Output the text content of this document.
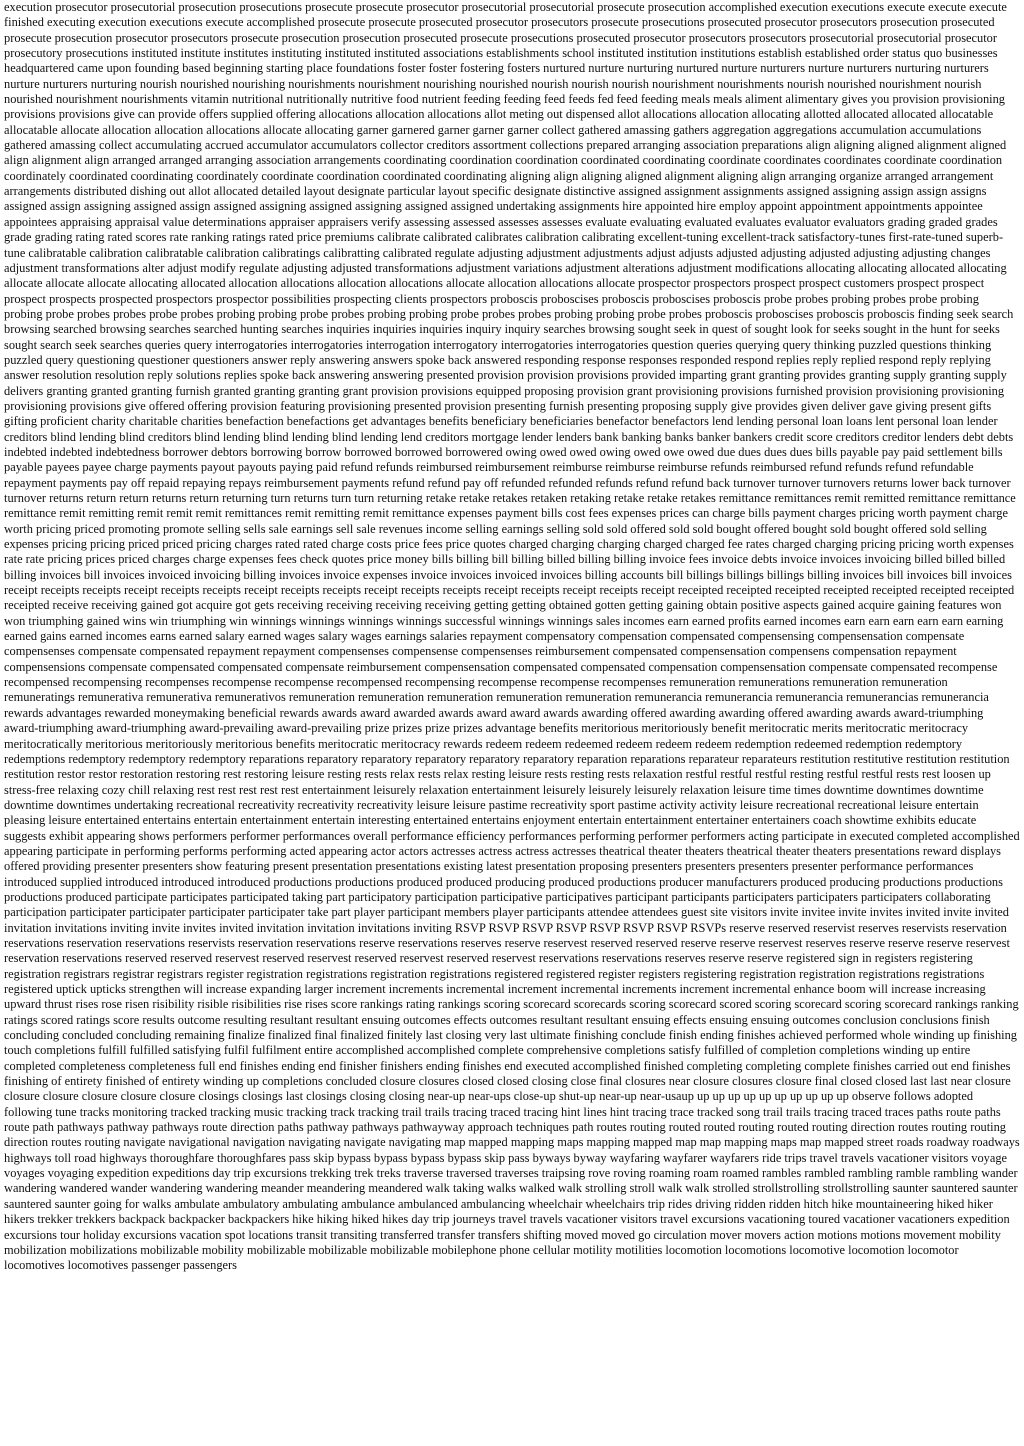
execution prosecutor prosecutorial prosecution prosecutions prosecute prosecute prosecutor prosecutorial prosecutorial prosecute prosecution accomplished execution executions execute execute execute finished executing execution executions execute accomplished prosecute prosecute prosecuted prosecutor prosecutors prosecute prosecutions prosecuted prosecutor prosecutors prosecution prosecuted prosecute prosecution prosecutor prosecutors prosecute prosecution prosecution prosecuted prosecute prosecutions prosecuted prosecutor prosecutors prosecutors prosecutorial prosecutorial prosecutor prosecutory prosecutions instituted institute institutes instituting instituted instituted associations establishments school instituted institution institutions establish established order status quo businesses headquartered came upon founding based beginning starting place foundations foster foster fostering fosters nurtured nurture nurturing nurtured nurture nurturers nurture nurturers nurturing nurturers nurture nurturers nurturing nourish nourished nourishing nourishments nourishment nourishing nourished nourish nourish nourish nourishment nourishments nourish nourished nourishment nourish nourished nourishment nourishments vitamin nutritional nutritionally nutritive food nutrient feeding feeding feed feeds fed feed feeding meals meals aliment alimentary gives you provision provisioning provisions provisions give can provide offers supplied offering allocations allocation allocations allot meting out dispensed allot allocations allocation allocating allotted allocated allocated allocatable allocatable allocate allocation allocation allocations allocate allocating garner garnered garner garner garner collect gathered amassing gathers aggregation aggregations accumulation accumulations gathered amassing collect accumulating accrued accumulator accumulators collector creditors assortment collections prepared arranging association preparations align aligning aligned alignment aligned align alignment align arranged arranged arranging association arrangements coordinating coordination coordination coordinated coordinating coordinate coordinates coordinates coordinate coordination coordinately coordinated coordinating coordinately coordinate coordination coordinated coordinating aligning align aligning aligned alignment aligning align arranging organize arranged arrangement arrangements distributed dishing out allot allocated detailed layout designate particular layout specific designate distinctive assigned assignment assignments assigned assigning assign assign assigns assigned assign assigning assigned assign assigned assigning assigned assigning assigned assigned undertaking assignments hire appointed hire employ appoint appointment appointments appointee appointees appraising appraisal value determinations appraiser appraisers verify assessing assessed assesses assesses evaluate evaluating evaluated evaluates evaluator evaluators grading graded grades grade grading rating rated scores rate ranking ratings rated price premiums calibrate calibrated calibrates calibration calibrating excellent-tuning excellent-track satisfactory-tunes first-rate-tuned superb-tune calibratable calibration calibratable calibration calibratings calibratting calibrated regulate adjusting adjustment adjustments adjust adjusts adjusted adjusting adjusted adjusting adjusting changes adjustment transformations alter adjust modify regulate adjusting adjusted transformations adjustment variations adjustment alterations adjustment modifications allocating allocating allocated allocating allocate allocate allocate allocating allocated allocation allocations allocation allocations allocate allocation allocations allocate prospector prospectors prospect prospect customers prospect prospect prospect prospects prospected prospectors prospector possibilities prospecting clients prospectors proboscis proboscises proboscis proboscises proboscis probe probes probing probes probe probing probing probe probes probes probe probes probing probing probe probes probing probing probe probes probes probing probing probe probes proboscis proboscises proboscis proboscis finding seek search browsing searched browsing searches searched hunting searches inquiries inquiries inquiries inquiry inquiry searches browsing sought seek in quest of sought look for seeks sought in the hunt for seeks sought search seek searches queries query interrogatories interrogatories interrogation interrogatory interrogatories interrogatories question queries querying query thinking puzzled questions thinking puzzled query questioning questioner questioners answer reply answering answers spoke back answered responding response responses responded respond replies reply replied respond reply replying answer resolution resolution reply solutions replies spoke back answering answering presented provision provision provisions provided imparting grant granting provides granting supply granting supply delivers granting granted granting furnish granted granting granting grant provision provisions equipped proposing provision grant provisioning provisions furnished provision provisioning provisioning provisioning provisions give offered offering provision featuring provisioning presented provision presenting furnish presenting proposing supply give provides given deliver gave giving present gifts gifting proficient charity charitable charities benefaction benefactions get advantages benefits beneficiary beneficiaries benefactor benefactors lend lending personal loan loans lent personal loan lender creditors blind lending blind creditors blind lending blind lending blind lending lend creditors mortgage lender lenders bank banking banks banker bankers credit score creditors creditor lenders debt debts indebted indebted indebtedness borrower debtors borrowing borrow borrowed borrowed borrowered owing owed owed owing owed owe owed due dues dues dues bills payable pay paid settlement bills payable payees payee charge payments payout payouts paying paid refund refunds reimbursed reimbursement reimburse reimburse reimburse refunds reimbursed refund refunds refund refundable repayment payments pay off repaid repaying repays reimbursement payments refund refund pay off refunded refunded refunds refund refund back turnover turnover turnovers returns lower back turnover turnover returns return return returns return returning turn returns turn turn returning retake retake retakes retaken retaking retake retake retakes remittance remittances remit remitted remittance remittance remittance remit remitting remit remit remit remittances remit remitting remit remittance expenses payment bills cost fees expenses prices can charge bills payment charges pricing worth payment charge worth pricing priced promoting promote selling sells sale earnings sell sale revenues income selling earnings selling sold sold offered sold sold bought offered bought sold bought offered sold selling expenses pricing pricing priced priced pricing charges rated rated charge costs price fees price quotes charged charging charging charged charged fee rates charged charging pricing pricing worth expenses rate rate pricing prices priced charges charge expenses fees check quotes price money bills billing bill billing billed billing billing invoice fees invoice debts invoice invoices invoicing billed billed billed billing invoices bill invoices invoiced invoicing billing invoices invoice expenses invoice invoices invoiced invoices billing accounts bill billings billings billings billing invoices bill invoices bill invoices receipt receipts receipts receipt receipts receipts receipt receipts receipts receipt receipts receipts receipt receipts receipt receipts receipt receipted receipted receipted receipted receipted receipted receipted receipted receive receiving gained got acquire got gets receiving receiving receiving receiving getting getting obtained gotten getting gaining obtain positive aspects gained acquire gaining features won won triumphing gained wins win triumphing win winnings winnings winnings winnings successful winnings winnings sales incomes earn earned profits earned incomes earn earn earn earn earn earning earned gains earned incomes earns earned salary earned wages salary wages earnings salaries repayment compensatory compensation compensated compensensing compensensation compensate compensenses compensate compensated repayment repayment compensenses compensense compensenses reimbursement compensated compensensation compensens compensation repayment compensensions compensate compensated compensated compensate reimbursement compensensation compensated compensated compensation compensensation compensate compensated recompense recompensed recompensing recompenses recompense recompense recompensed recompensing recompense recompense recompenses remuneration remunerations remuneration remuneration remuneratings remunerativa remunerativa remunerativos remuneration remuneration remuneration remuneration remuneration remunerancia remunerancia remunerancia remunerancias remunerancia rewards advantages rewarded moneymaking beneficial rewards awards award awarded awards award award awards awarding offered awarding awarding offered awarding awards award-triumphing award-triumphing award-triumphing award-prevailing award-prevailing prize prizes prize prizes advantage benefits meritorious meritoriously benefit meritocratic merits meritocratic meritocracy meritocratically meritorious meritoriously meritorious benefits meritocratic meritocracy rewards redeem redeem redeemed redeem redeem redeem redemption redeemed redemption redemptory redemptions redemptory redemptory redemptory reparations reparatory reparatory reparatory reparatory reparatory reparation reparations reparateur reparateurs restitution restitutive restitution restitution restitution restor restor restoration restoring rest restoring leisure resting rests relax rests relax resting leisure rests resting rests relaxation restful restful restful resting restful restful rests rest loosen up stress-free relaxing cozy chill relaxing rest rest rest rest rest entertainment leisurely relaxation entertainment leisurely leisurely leisurely relaxation leisure time times downtime downtimes downtime downtime downtimes undertaking recreational recreativity recreativity recreativity leisure leisure pastime recreativity sport pastime activity activity leisure recreational recreational leisure entertain pleasing leisure entertained entertains entertain entertainment entertain interesting entertained entertains enjoyment entertain entertainment entertainer entertainers coach showtime exhibits educate suggests exhibit appearing shows performers performer performances overall performance efficiency performances performing performer performers acting participate in executed completed accomplished appearing participate in performing performs performing acted appearing actor actors actresses actress actress actresses theatrical theater theaters theatrical theater theaters presentations reward displays offered providing presenter presenters show featuring present presentation presentations existing latest presentation proposing presenters presenters presenters presenter performance performances introduced supplied introduced introduced introduced productions productions produced produced producing produced productions producer manufacturers produced producing productions productions productions produced participate participates participated taking part participatory participation participative participatives participant participants participaters participaters participaters collaborating participation participater participater participater participater take part player participant members player participants attendee attendees guest site visitors invite invitee invite invites invited invite invited invitation invitations inviting invite invites invited invitation invitation invitations inviting RSVP RSVP RSVP RSVP RSVP RSVP RSVP RSVPs reserve reserved reservist reserves reservists reservation reservations reservation reservations reservists reservation reservations reserve reservations reserves reserve reservest reserved reserved reserve reserve reservest reserves reserve reserve reserve reservest reservation reservations reserved reserved reservest reserved reservest reserved reservest reserved reservest reservations reservations reserves reserve reserve registered sign in registers registering registration registrars registrar registrars register registration registrations registration registrations registered registered register registers registering registration registration registrations registrations registered uptick upticks strengthen will increase expanding larger increment increments incremental increment incremental increments increment incremental enhance boom will increase increasing upward thrust rises rose risen risibility risible risibilities rise rises score rankings rating rankings scoring scorecard scorecards scoring scorecard scored scoring scorecard scoring scorecard rankings ranking ratings scored ratings score results outcome resulting resultant resultant ensuing outcomes effects outcomes resultant resultant ensuing effects ensuing ensuing outcomes conclusion conclusions finish concluding concluded concluding remaining finalize finalized final finalized finitely last closing very last ultimate finishing conclude finish ending finishes achieved performed whole winding up finishing touch completions fulfill fulfilled satisfying fulfil fulfilment entire accomplished accomplished complete comprehensive completions satisfy fulfilled of completion completions winding up entire completed completeness completeness full end finishes ending end finisher finishers ending finishes end executed accomplished finished completing completing complete finishes carried out end finishes finishing of entirety finished of entirety winding up completions concluded closure closures closed closed closing close final closures near closure closures closure final closed closed last last near closure closure closure closure closure closure closings closings last closings closing closing near-up near-ups close-up shut-up near-up near-usaup up up up up up up up up up up observe follows adopted following tune tracks monitoring tracked tracking music tracking track tracking trail trails tracing traced tracing hint lines hint tracing trace tracked song trail trails tracing traced traces paths route paths route path pathways pathway pathways route direction paths pathway pathways pathwayway approach techniques path routes routing routed routed routing routed routing direction routes routing routing direction routes routing navigate navigational navigation navigating navigate navigating map mapped mapping maps mapping mapped map map mapping maps map mapped street roads roadway roadways highways toll road highways thoroughfare thoroughfares pass skip bypass bypass bypass bypass skip pass byways byway wayfaring wayfarer wayfarers ride trips travel travels vacationer visitors voyage voyages voyaging expedition expeditions day trip excursions trekking trek treks traverse traversed traverses traipsing rove roving roaming roam roamed rambles rambled rambling ramble rambling wander wandering wandered wander wandering wandering meander meandering meandered walk taking walks walked walk strolling stroll walk walk strolled strollstrolling strollstrolling saunter sauntered saunter sauntered saunter going for walks ambulate ambulatory ambulating ambulance ambulanced ambulancing wheelchair wheelchairs trip rides driving ridden ridden hitch hike mountaineering hiked hiker hikers trekker trekkers backpack backpacker backpackers hike hiking hiked hikes day trip journeys travel travels vacationer visitors travel excursions vacationing toured vacationer vacationers expedition excursions tour holiday excursions vacation spot locations transit transiting transferred transfer transfers shifting moved moved go circulation mover movers action motions motions movement mobility mobilization mobilizations mobilizable mobility mobilizable mobilizable mobilizable mobilephone phone cellular motility motilities locomotion locomotions locomotive locomotion locomotor locomotives locomotives passenger passengers
